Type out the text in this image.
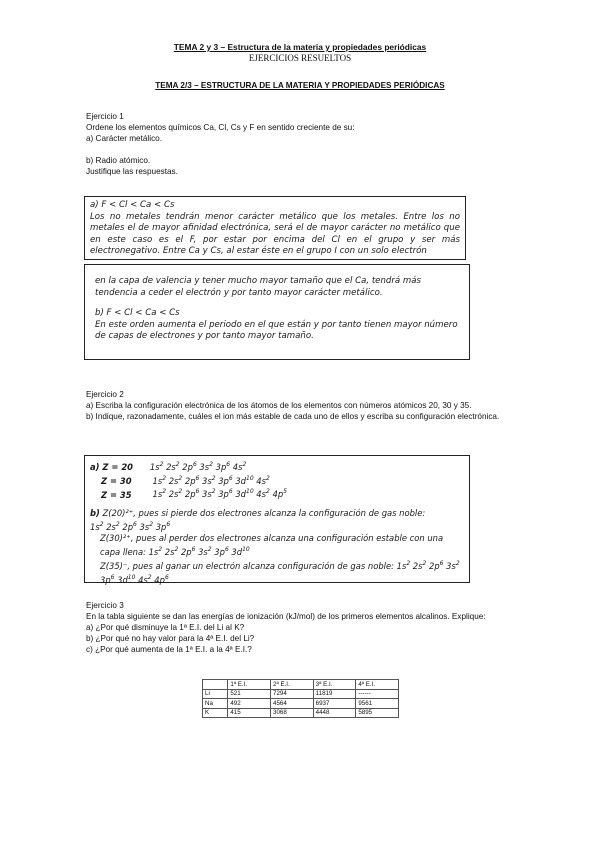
TEMA 2 y 3 – Estructura de la materia y propiedades periódicas
EJERCICIOS RESUELTOS
TEMA 2/3 – ESTRUCTURA DE LA MATERIA Y PROPIEDADES PERIÓDICAS

Ejercicio 1

Ordene los elementos químicos Ca, Cl, Cs y F en sentido creciente de su:

a) Carácter metálico.

b) Radio atómico.

Justifique las respuestas.

a) F < Cl < Ca < Cs
Los no metales tendrán menor carácter metálico que los metales. Entre los no metales el de mayor afinidad electrónica, será el de mayor carácter no metálico que en este caso es el F, por estar por encima del Cl en el grupo y ser más electronegativo. Entre Ca y Cs, al estar éste en el grupo I con un solo electrón
en la capa de valencia y tener mucho mayor tamaño que el Ca, tendrá más tendencia a ceder el electrón y por tanto mayor carácter metálico.
b) F < Cl < Ca < Cs
En este orden aumenta el periodo en el que están y por tanto tienen mayor número de capas de electrones y por tanto mayor tamaño.

Ejercicio 2

a) Escriba la configuración electrónica de los átomos de los elementos con números atómicos 20, 30 y 35.

b) Indique, razonadamente, cuáles el ion más estable de cada uno de ellos y escriba su configuración electrónica.

a) Z = 20 $1s^2$ $2s^2$ $2p^6$ $3s^2$ $3p^6$ $4s^2$
Z = 30 $1s^2$ $2s^2$ $2p^6$ $3s^2$ $3p^6$ $3d^{10}$ $4s^2$
Z = 35 $1s^2$ $2s^2$ $2p^6$ $3s^2$ $3p^6$ $3d^{10}$ $4s^2$ $4p^5$
b) Z(20)²⁺, pues si pierde dos electrones alcanza la configuración de gas noble:
$1s^2$ $2s^2$ $2p^6$ $3s^2$ $3p^6$
Z(30)²⁺, pues al perder dos electrones alcanza una configuración estable con una capa llena: $1s^2$ $2s^2$ $2p^6$ $3s^2$ $3p^6$ $3d^{10}$
Z(35)⁻, pues al ganar un electrón alcanza configuración de gas noble: $1s^2$ $2s^2$ $2p^6$ $3s^2$ $3p^6$ $3d^{10}$ $4s^2$ $4p^6$

Ejercicio 3

En la tabla siguiente se dan las energías de ionización (kJ/mol) de los primeros elementos alcalinos. Explique:

a) ¿Por qué disminuye la 1ª E.I. del Li al K?

b) ¿Por qué no hay valor para la 4ª E.I. del Li?

c) ¿Por qué aumenta de la 1ª E.I. a la 4ª E.I.?

	1ª E.I.	2ª E.I.	3ª E.I.	4ª E.I.
Li	521	7294	11819	------
Na	492	4564	6937	9561
K	415	3068	4448	5895
